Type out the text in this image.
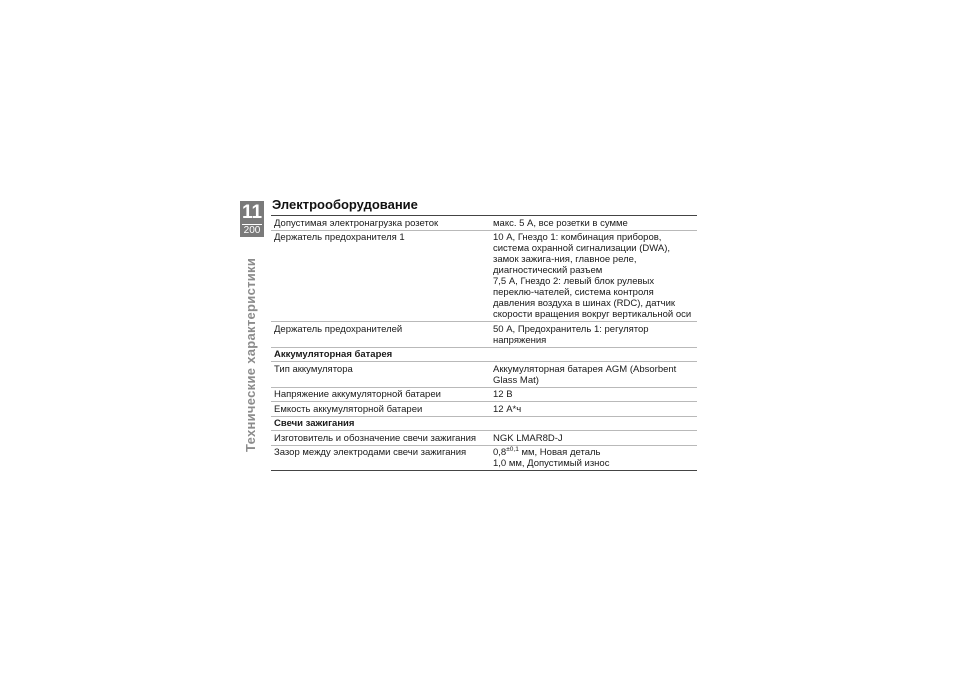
11
200
Технические характеристики
Электрооборудование
Допустимая электронагрузка розеток	макс. 5 А, все розетки в сумме

Держатель предохранителя 1	10 А, Гнездо 1: комбинация приборов, система охранной сигнализации (DWA), замок зажига-ния, главное реле, диагностический разъем
7,5 А, Гнездо 2: левый блок рулевых переклю-чателей, система контроля давления воздуха в шинах (RDC), датчик скорости вращения вокруг вертикальной оси

Держатель предохранителей	50 А, Предохранитель 1: регулятор напряжения

Аккумуляторная батарея	
Тип аккумулятора	Аккумуляторная батарея AGM (Absorbent Glass Mat)

Напряжение аккумуляторной батареи	12 В

Емкость аккумуляторной батареи	12 А*ч

Свечи зажигания	
Изготовитель и обозначение свечи зажигания	NGK LMAR8D-J

Зазор между электродами свечи зажигания	$0,8^{\pm 0,1}$ мм, Новая деталь
1,0 мм, Допустимый износ
